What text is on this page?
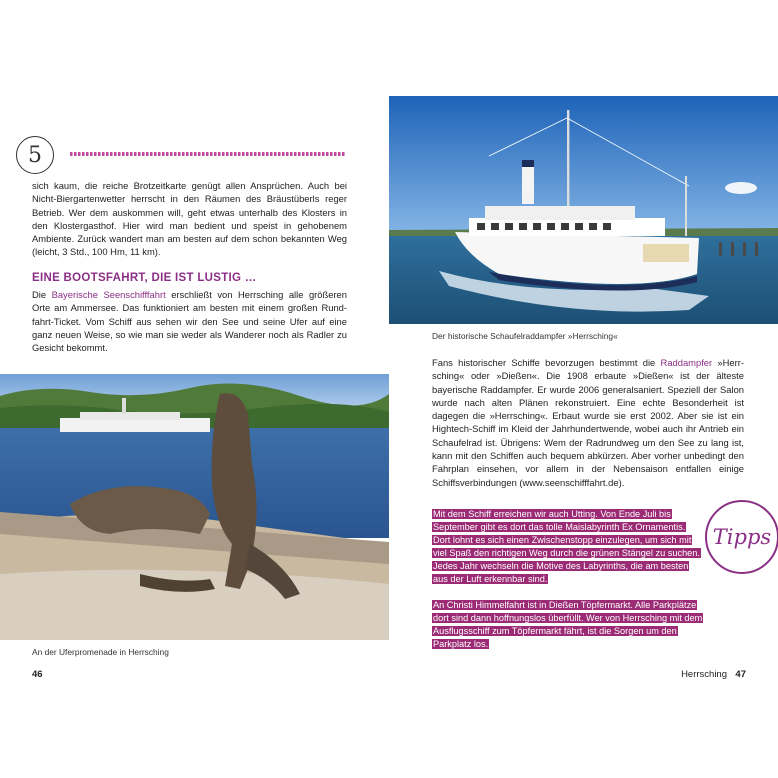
5

sich kaum, die reiche Brotzeitkarte genügt allen Ansprüchen. Auch bei Nicht-Biergartenwetter herrscht in den Räumen des Bräustüberls reger Betrieb. Wer dem auskommen will, geht etwas unterhalb des Klosters in den Klostergasthof. Hier wird man bedient und speist in gehobenem Ambiente. Zurück wandert man am besten auf dem schon bekannten Weg (leicht, 3 Std., 100 Hm, 11 km).

EINE BOOTSFAHRT, DIE IST LUSTIG …

Die Bayerische Seenschifffahrt erschließt von Herrsching alle größeren Orte am Ammersee. Das funktioniert am besten mit einem großen Rundfahrt-Ticket. Vom Schiff aus sehen wir den See und seine Ufer auf eine ganz neuen Weise, so wie man sie weder als Wanderer noch als Radler zu Gesicht bekommt.

An der Uferpromenade in Herrsching
46
Der historische Schaufelraddampfer »Herrsching«

Fans historischer Schiffe bevorzugen bestimmt die Raddampfer »Herrsching« oder »Dießen«. Die 1908 erbaute »Dießen« ist der älteste bayerische Raddampfer. Er wurde 2006 generalsaniert. Speziell der Salon wurde nach alten Plänen rekonstruiert. Eine echte Besonderheit ist dagegen die »Herrsching«. Erbaut wurde sie erst 2002. Aber sie ist ein Hightech-Schiff im Kleid der Jahrhundertwende, wobei auch ihr Antrieb ein Schaufelrad ist. Übrigens: Wem der Radrundweg um den See zu lang ist, kann mit den Schiffen auch bequem abkürzen. Aber vorher unbedingt den Fahrplan einsehen, vor allem in der Nebensaison entfallen einige Schiffsverbindungen (www.seenschifffahrt.de).

Mit dem Schiff erreichen wir auch Utting. Von Ende Juli bis September gibt es dort das tolle Maislabyrinth Ex Ornamentis. Dort lohnt es sich einen Zwischenstopp einzulegen, um sich mit viel Spaß den richtigen Weg durch die grünen Stängel zu suchen. Jedes Jahr wechseln die Motive des Labyrinths, die am besten aus der Luft erkennbar sind.

An Christi Himmelfahrt ist in Dießen Töpfermarkt. Alle Parkplätze dort sind dann hoffnungslos überfüllt. Wer von Herrsching mit dem Ausflugsschiff zum Töpfermarkt fährt, ist die Sorgen um den Parkplatz los.

Tipps
Herrsching 47
